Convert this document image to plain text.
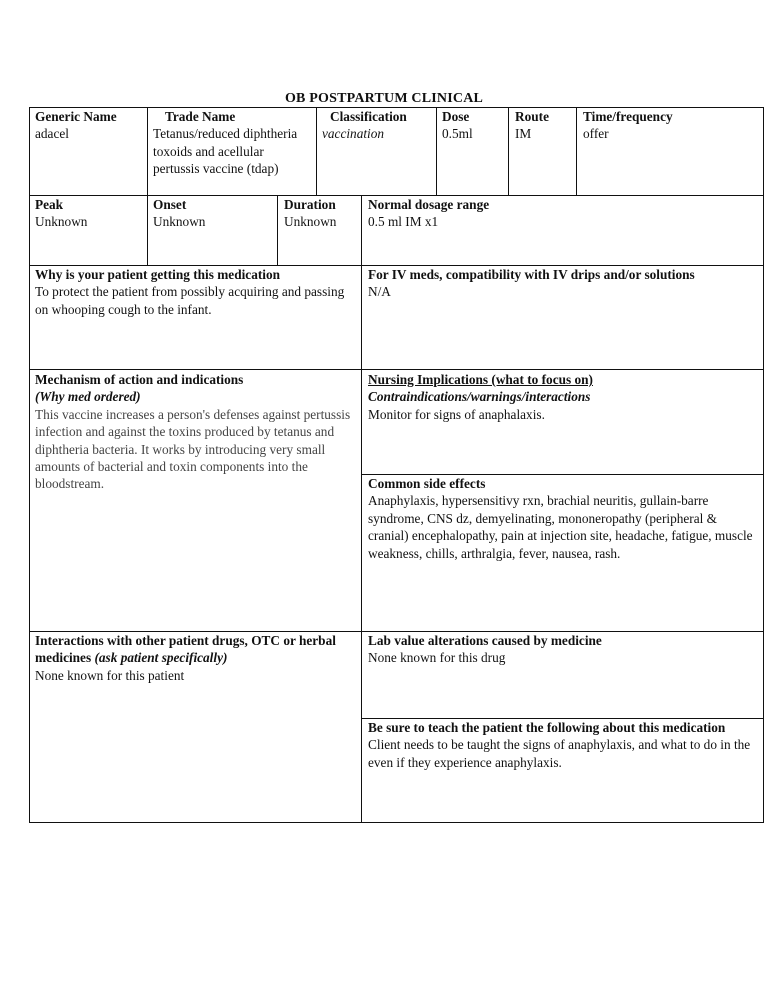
OB POSTPARTUM CLINICAL
Generic Name
adacel
Trade Name
Tetanus/reduced diphtheria toxoids and acellular pertussis vaccine (tdap)
Classification
vaccination
Dose
0.5ml
Route
IM
Time/frequency
offer
Peak
Unknown
Onset
Unknown
Duration
Unknown
Normal dosage range
0.5 ml IM x1
Why is your patient getting this medication
To protect the patient from possibly acquiring and passing on whooping cough to the infant.
For IV meds, compatibility with IV drips and/or solutions
N/A
Mechanism of action and indications
(Why med ordered)
This vaccine increases a person's defenses against pertussis infection and against the toxins produced by tetanus and diphtheria bacteria. It works by introducing very small amounts of bacterial and toxin components into the bloodstream.
Nursing Implications (what to focus on)
Contraindications/warnings/interactions
Monitor for signs of anaphalaxis.
Common side effects
Anaphylaxis, hypersensitivy rxn, brachial neuritis, gullain-barre syndrome, CNS dz, demyelinating, mononeropathy (peripheral & cranial) encephalopathy, pain at injection site, headache, fatigue, muscle weakness, chills, arthralgia, fever, nausea, rash.
Interactions with other patient drugs, OTC or herbal medicines (ask patient specifically)
None known for this patient
Lab value alterations caused by medicine
None known for this drug
Be sure to teach the patient the following about this medication
Client needs to be taught the signs of anaphylaxis, and what to do in the even if they experience anaphylaxis.
